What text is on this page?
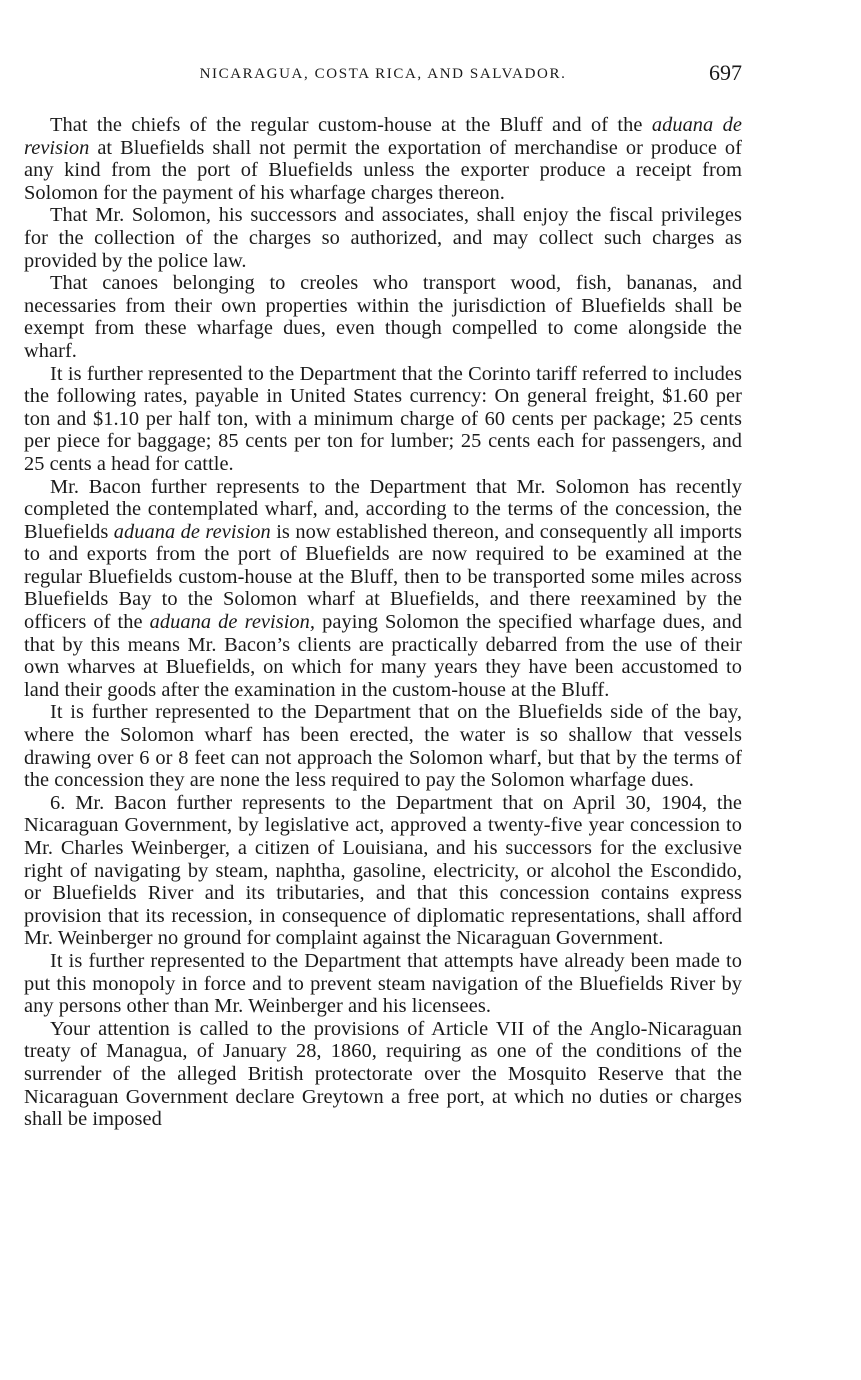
NICARAGUA, COSTA RICA, AND SALVADOR.	697

That the chiefs of the regular custom-house at the Bluff and of the aduana de revision at Bluefields shall not permit the exportation of merchandise or produce of any kind from the port of Bluefields unless the exporter produce a receipt from Solomon for the payment of his wharfage charges thereon.

That Mr. Solomon, his successors and associates, shall enjoy the fiscal privileges for the collection of the charges so authorized, and may collect such charges as provided by the police law.

That canoes belonging to creoles who transport wood, fish, bananas, and necessaries from their own properties within the jurisdiction of Bluefields shall be exempt from these wharfage dues, even though compelled to come alongside the wharf.

It is further represented to the Department that the Corinto tariff referred to includes the following rates, payable in United States currency: On general freight, $1.60 per ton and $1.10 per half ton, with a minimum charge of 60 cents per package; 25 cents per piece for baggage; 85 cents per ton for lumber; 25 cents each for passengers, and 25 cents a head for cattle.

Mr. Bacon further represents to the Department that Mr. Solomon has recently completed the contemplated wharf, and, according to the terms of the concession, the Bluefields aduana de revision is now established thereon, and consequently all imports to and exports from the port of Bluefields are now required to be examined at the regular Bluefields custom-house at the Bluff, then to be transported some miles across Bluefields Bay to the Solomon wharf at Bluefields, and there reexamined by the officers of the aduana de revision, paying Solomon the specified wharfage dues, and that by this means Mr. Bacon’s clients are practically debarred from the use of their own wharves at Bluefields, on which for many years they have been accustomed to land their goods after the examination in the custom-house at the Bluff.

It is further represented to the Department that on the Bluefields side of the bay, where the Solomon wharf has been erected, the water is so shallow that vessels drawing over 6 or 8 feet can not approach the Solomon wharf, but that by the terms of the concession they are none the less required to pay the Solomon wharfage dues.

6. Mr. Bacon further represents to the Department that on April 30, 1904, the Nicaraguan Government, by legislative act, approved a twenty-five year concession to Mr. Charles Weinberger, a citizen of Louisiana, and his successors for the exclusive right of navigating by steam, naphtha, gasoline, electricity, or alcohol the Escondido, or Bluefields River and its tributaries, and that this concession contains express provision that its recession, in consequence of diplomatic representations, shall afford Mr. Weinberger no ground for complaint against the Nicaraguan Government.

It is further represented to the Department that attempts have already been made to put this monopoly in force and to prevent steam navigation of the Bluefields River by any persons other than Mr. Weinberger and his licensees.

Your attention is called to the provisions of Article VII of the Anglo-Nicaraguan treaty of Managua, of January 28, 1860, requiring as one of the conditions of the surrender of the alleged British protectorate over the Mosquito Reserve that the Nicaraguan Government declare Greytown a free port, at which no duties or charges shall be imposed
